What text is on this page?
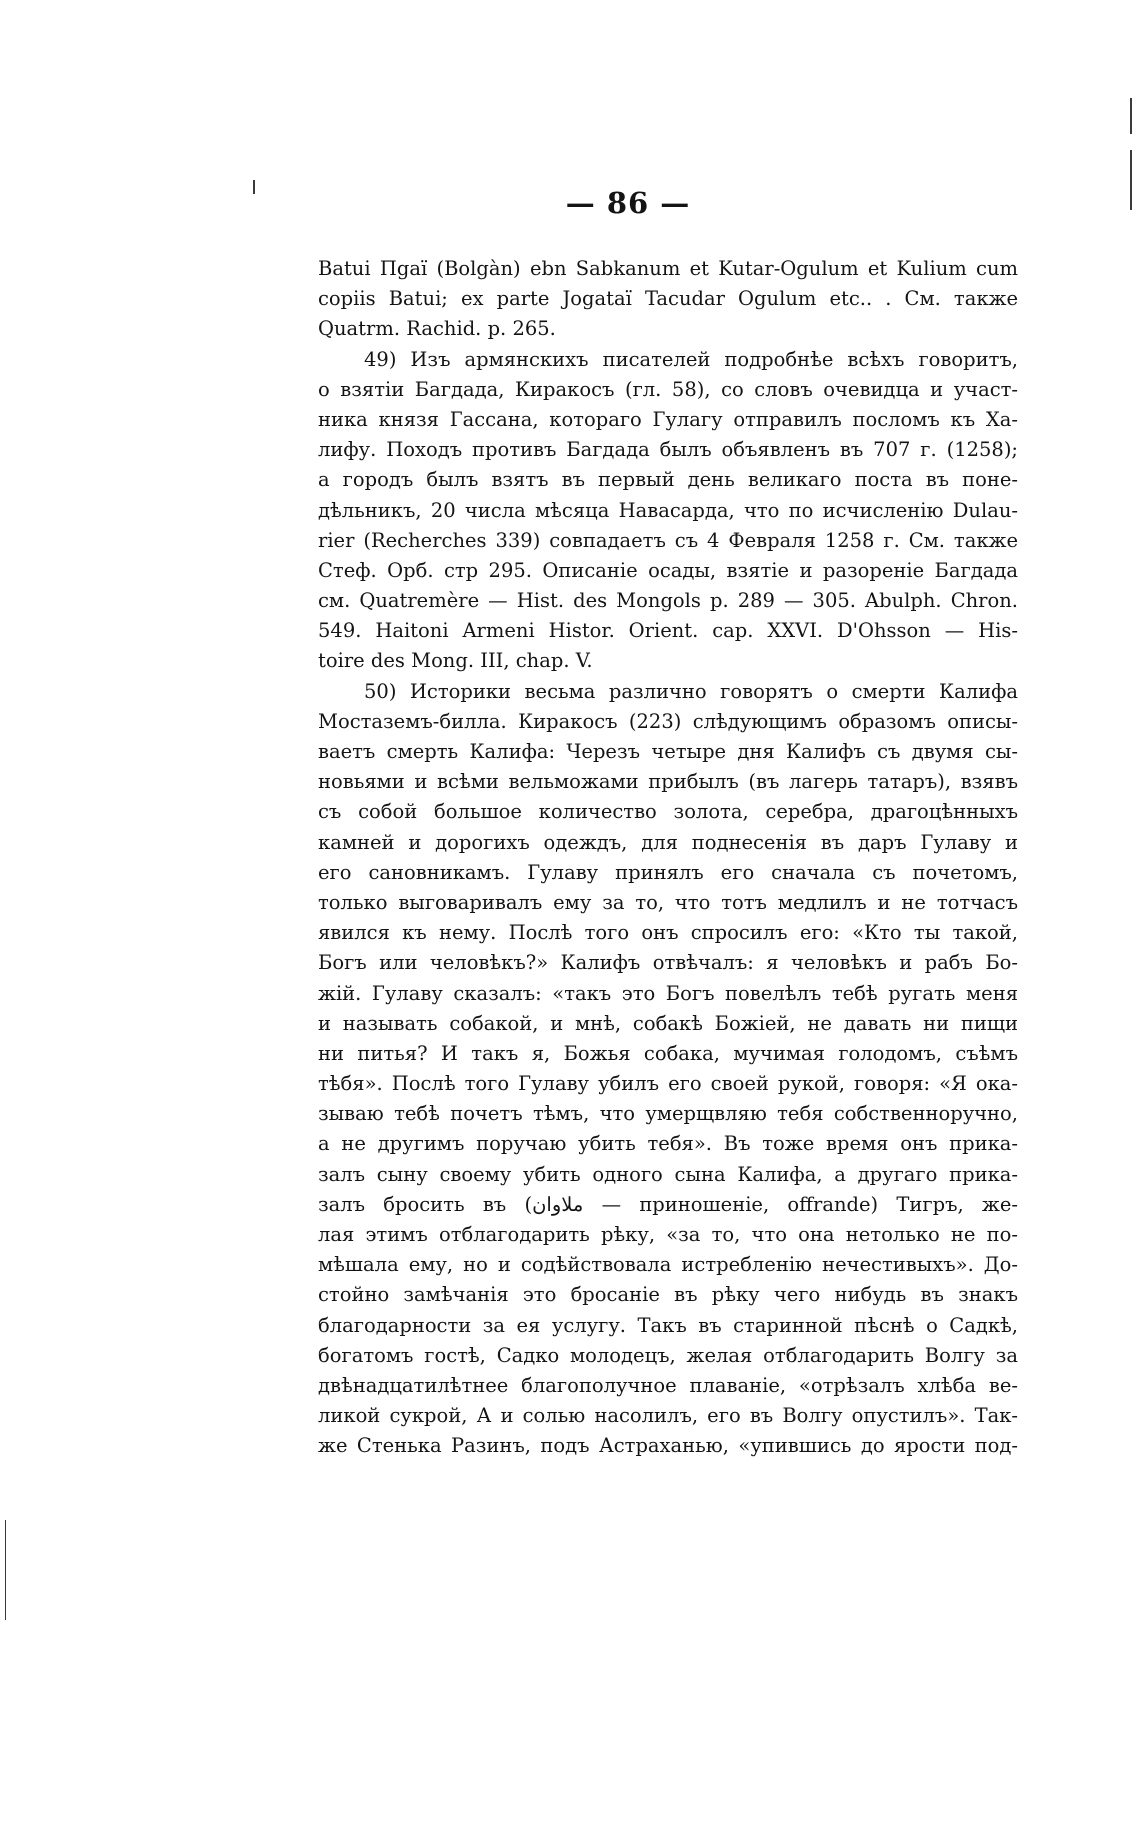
— 86 —
Batui Пgaï (Bolgàn) ebn Sabkanum et Kutar-Ogulum et Kulium cum
copiis Batui; ex parte Jogataï Tacudar Ogulum etc.. . См. также
Quatrm. Rachid. p. 265.
49) Изъ армянскихъ писателей подробнѣе всѣхъ говоритъ,
о взятіи Багдада, Киракосъ (гл. 58), со словъ очевидца и участ-
ника князя Гассана, котораго Гулагу отправилъ посломъ къ Ха-
лифу. Походъ противъ Багдада былъ объявленъ въ 707 г. (1258);
а городъ былъ взятъ въ первый день великаго поста въ поне-
дѣльникъ, 20 числа мѣсяца Навасарда, что по исчисленію Dulau-
rier (Recherches 339) совпадаетъ съ 4 Февраля 1258 г. См. также
Стеф. Орб. стр 295. Описаніе осады, взятіе и разореніе Багдада
см. Quatremère — Hist. des Mongols p. 289 — 305. Abulph. Chron.
549. Haitoni Armeni Histor. Orient. cap. XXVI. D'Ohsson — His-
toire des Mong. III, chap. V.
50) Историки весьма различно говорятъ о смерти Калифа
Мостаземъ-билла. Киракосъ (223) слѣдующимъ образомъ описы-
ваетъ смерть Калифа: Черезъ четыре дня Калифъ съ двумя сы-
новьями и всѣми вельможами прибылъ (въ лагерь татаръ), взявъ
съ собой большое количество золота, серебра, драгоцѣнныхъ
камней и дорогихъ одеждъ, для поднесенія въ даръ Гулаву и
его сановникамъ. Гулаву принялъ его сначала съ почетомъ,
только выговаривалъ ему за то, что тотъ медлилъ и не тотчасъ
явился къ нему. Послѣ того онъ спросилъ его: «Кто ты такой,
Богъ или человѣкъ?» Калифъ отвѣчалъ: я человѣкъ и рабъ Бо-
жій. Гулаву сказалъ: «такъ это Богъ повелѣлъ тебѣ ругать меня
и называть собакой, и мнѣ, собакѣ Божіей, не давать ни пищи
ни питья? И такъ я, Божья собака, мучимая голодомъ, съѣмъ
тѣбя». Послѣ того Гулаву убилъ его своей рукой, говоря: «Я ока-
зываю тебѣ почетъ тѣмъ, что умерщвляю тебя собственноручно,
а не другимъ поручаю убить тебя». Въ тоже время онъ прика-
залъ сыну своему убить одного сына Калифа, а другаго прика-
залъ бросить въ (ملاوان — приношеніе, offrande) Тигръ, же-
лая этимъ отблагодарить рѣку, «за то, что она нетолько не по-
мѣшала ему, но и содѣйствовала истребленію нечестивыхъ». До-
стойно замѣчанія это бросаніе въ рѣку чего нибудь въ знакъ
благодарности за ея услугу. Такъ въ старинной пѣснѣ о Садкѣ,
богатомъ гостѣ, Садко молодецъ, желая отблагодарить Волгу за
двѣнадцатилѣтнее благополучное плаваніе, «отрѣзалъ хлѣба ве-
ликой сукрой, А и солью насолилъ, его въ Волгу опустилъ». Так-
же Стенька Разинъ, подъ Астраханью, «упившись до ярости под-
